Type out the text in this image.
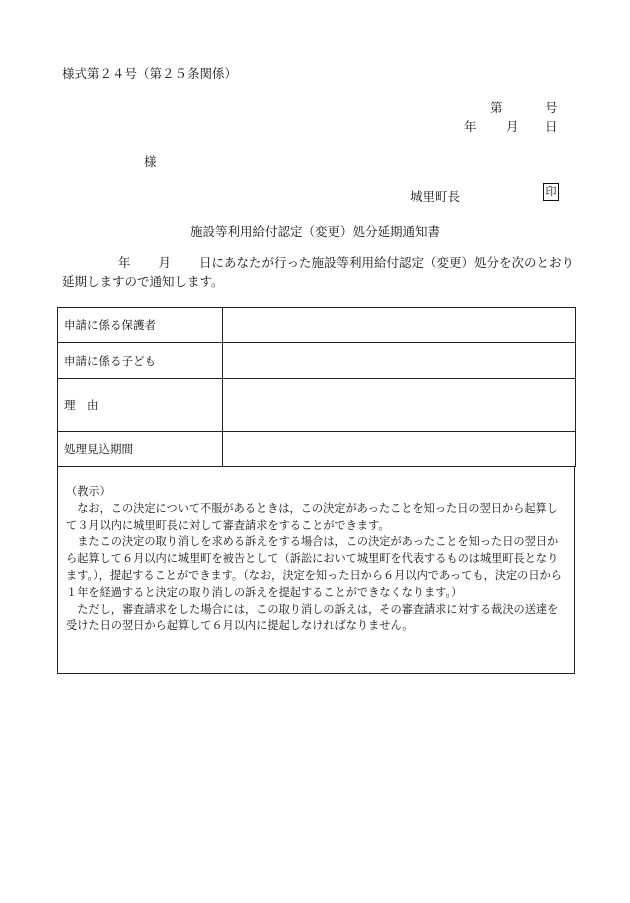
様式第２４号（第２５条関係）
第	号
年 月 日
様
城里町長	印
施設等利用給付認定（変更）処分延期通知書
年 月 日にあなたが行った施設等利用給付認定（変更）処分を次のとおり延期しますので通知します。
申請に係る保護者	
申請に係る子ども	
理　由	
処理見込期間	

（教示）

なお，この決定について不服があるときは，この決定があったことを知った日の翌日から起算して３月以内に城里町長に対して審査請求をすることができます。

またこの決定の取り消しを求める訴えをする場合は，この決定があったことを知った日の翌日から起算して６月以内に城里町を被告として（訴訟において城里町を代表するものは城里町長となります。），提起することができます。（なお，決定を知った日から６月以内であっても，決定の日から１年を経過すると決定の取り消しの訴えを提起することができなくなります。）

ただし，審査請求をした場合には，この取り消しの訴えは，その審査請求に対する裁決の送達を受けた日の翌日から起算して６月以内に提起しなければなりません。
